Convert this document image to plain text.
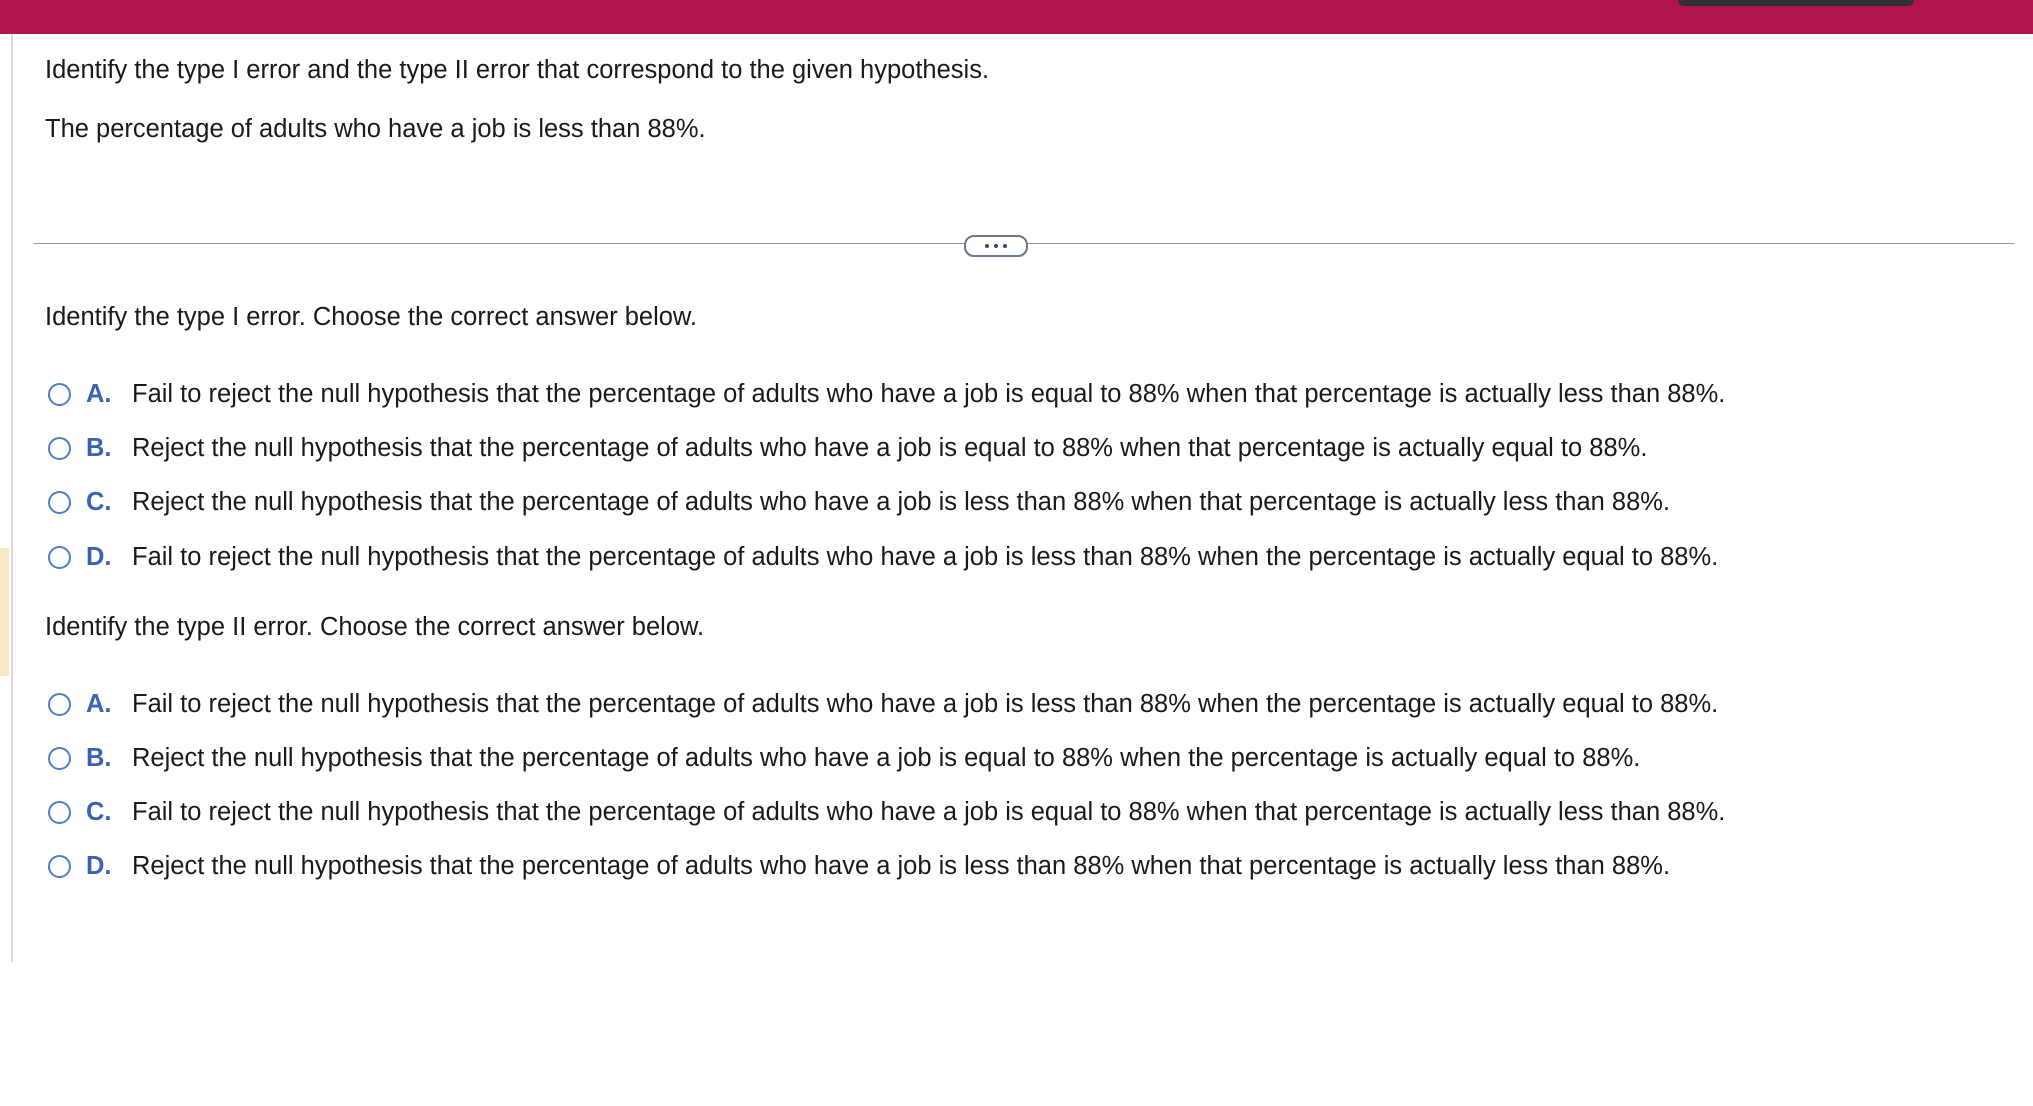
Identify the type I error and the type II error that correspond to the given hypothesis.
The percentage of adults who have a job is less than 88%.
Identify the type I error. Choose the correct answer below.
A. Fail to reject the null hypothesis that the percentage of adults who have a job is equal to 88% when that percentage is actually less than 88%.
B. Reject the null hypothesis that the percentage of adults who have a job is equal to 88% when that percentage is actually equal to 88%.
C. Reject the null hypothesis that the percentage of adults who have a job is less than 88% when that percentage is actually less than 88%.
D. Fail to reject the null hypothesis that the percentage of adults who have a job is less than 88% when the percentage is actually equal to 88%.
Identify the type II error. Choose the correct answer below.
A. Fail to reject the null hypothesis that the percentage of adults who have a job is less than 88% when the percentage is actually equal to 88%.
B. Reject the null hypothesis that the percentage of adults who have a job is equal to 88% when the percentage is actually equal to 88%.
C. Fail to reject the null hypothesis that the percentage of adults who have a job is equal to 88% when that percentage is actually less than 88%.
D. Reject the null hypothesis that the percentage of adults who have a job is less than 88% when that percentage is actually less than 88%.
